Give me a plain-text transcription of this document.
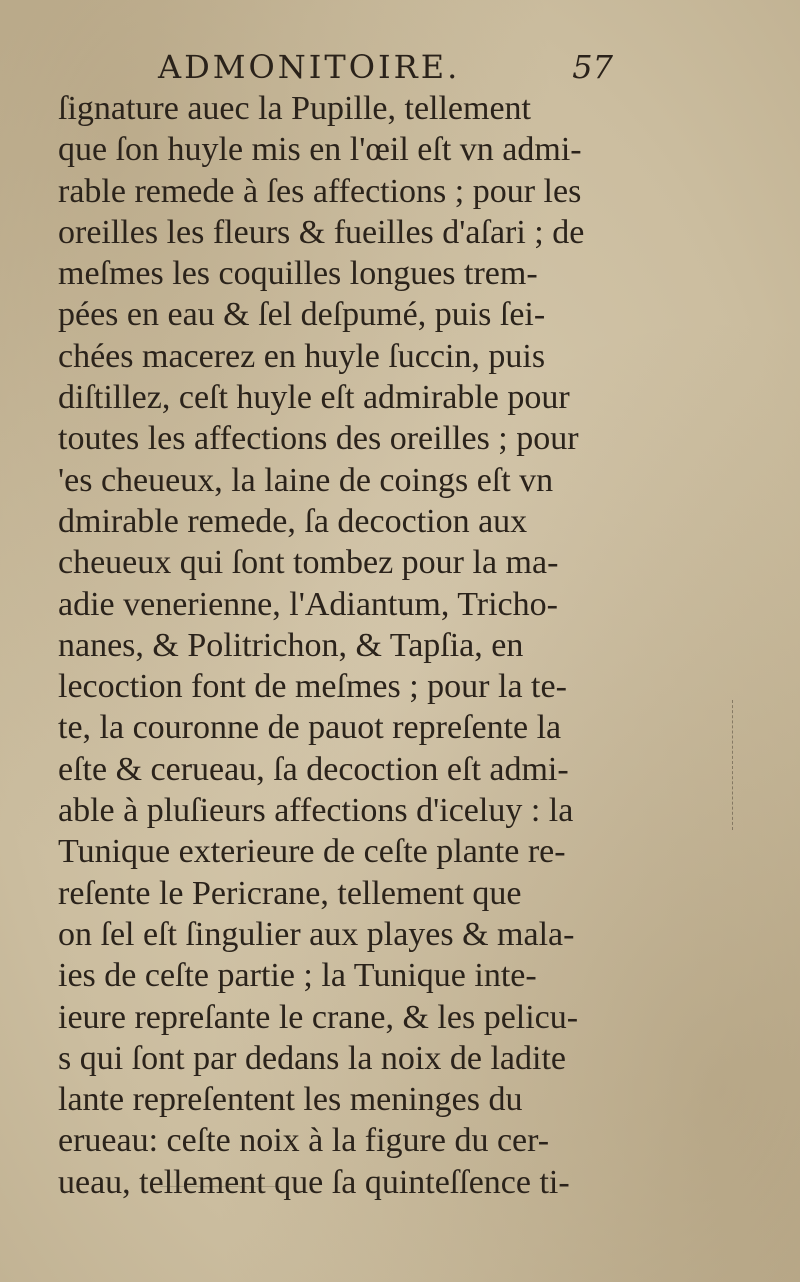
ADMONITOIRE.	57
ſignature auec la Pupille, tellement
que ſon huyle mis en l'œil eſt vn admi-
rable remede à ſes affections ; pour les
oreilles les fleurs & fueilles d'aſari ; de
meſmes les coquilles longues trem-
pées en eau & ſel deſpumé, puis ſei-
chées macerez en huyle ſuccin, puis
diſtillez, ceſt huyle eſt admirable pour
toutes les affections des oreilles ; pour
'es cheueux, la laine de coings eſt vn
dmirable remede, ſa decoction aux
cheueux qui ſont tombez pour la ma-
adie venerienne, l'Adiantum, Tricho-
nanes, & Politrichon, & Tapſia, en
lecoction font de meſmes ; pour la te-
te, la couronne de pauot repreſente la
eſte & cerueau, ſa decoction eſt admi-
able à pluſieurs affections d'iceluy : la
Tunique exterieure de ceſte plante re-
reſente le Pericrane, tellement que
on ſel eſt ſingulier aux playes & mala-
ies de ceſte partie ; la Tunique inte-
ieure repreſante le crane, & les pelicu-
s qui ſont par dedans la noix de ladite
lante repreſentent les meninges du
erueau: ceſte noix à la figure du cer-
ueau, tellement que ſa quinteſſence ti-
